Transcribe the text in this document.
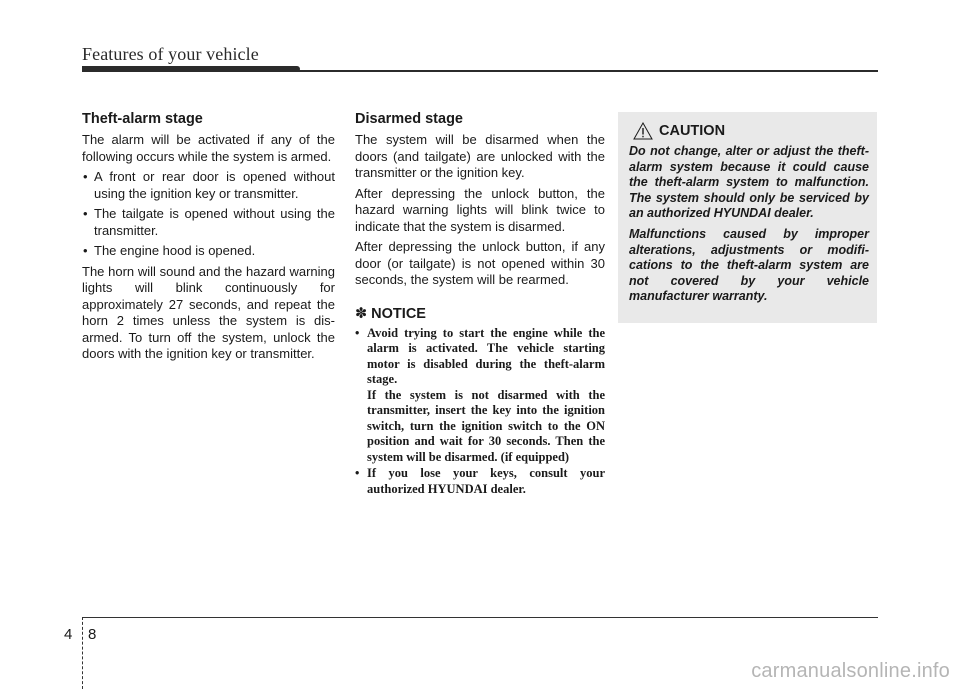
Features of your vehicle
Theft-alarm stage

The alarm will be activated if any of the following occurs while the system is armed.

• A front or rear door is opened without using the ignition key or transmitter.
• The tailgate is opened without using the transmitter.
• The engine hood is opened.

The horn will sound and the hazard warning lights will blink continuously for approximately 27 seconds, and repeat the horn 2 times unless the system is dis-armed. To turn off the system, unlock the doors with the ignition key or transmitter.

Disarmed stage

The system will be disarmed when the doors (and tailgate) are unlocked with the transmitter or the ignition key.

After depressing the unlock button, the hazard warning lights will blink twice to indicate that the system is disarmed.

After depressing the unlock button, if any door (or tailgate) is not opened within 30 seconds, the system will be rearmed.

✽ NOTICE
• Avoid trying to start the engine while the alarm is activated. The vehicle starting motor is disabled during the theft-alarm stage.
If the system is not disarmed with the transmitter, insert the key into the ignition switch, turn the ignition switch to the ON position and wait for 30 seconds. Then the system will be disarmed. (if equipped)
• If you lose your keys, consult your authorized HYUNDAI dealer.
CAUTION

Do not change, alter or adjust the theft-alarm system because it could cause the theft-alarm system to malfunction. The system should only be serviced by an authorized HYUNDAI dealer.

Malfunctions caused by improper alterations, adjustments or modifi-cations to the theft-alarm system are not covered by your vehicle manufacturer warranty.

4 8
carmanualsonline.info
